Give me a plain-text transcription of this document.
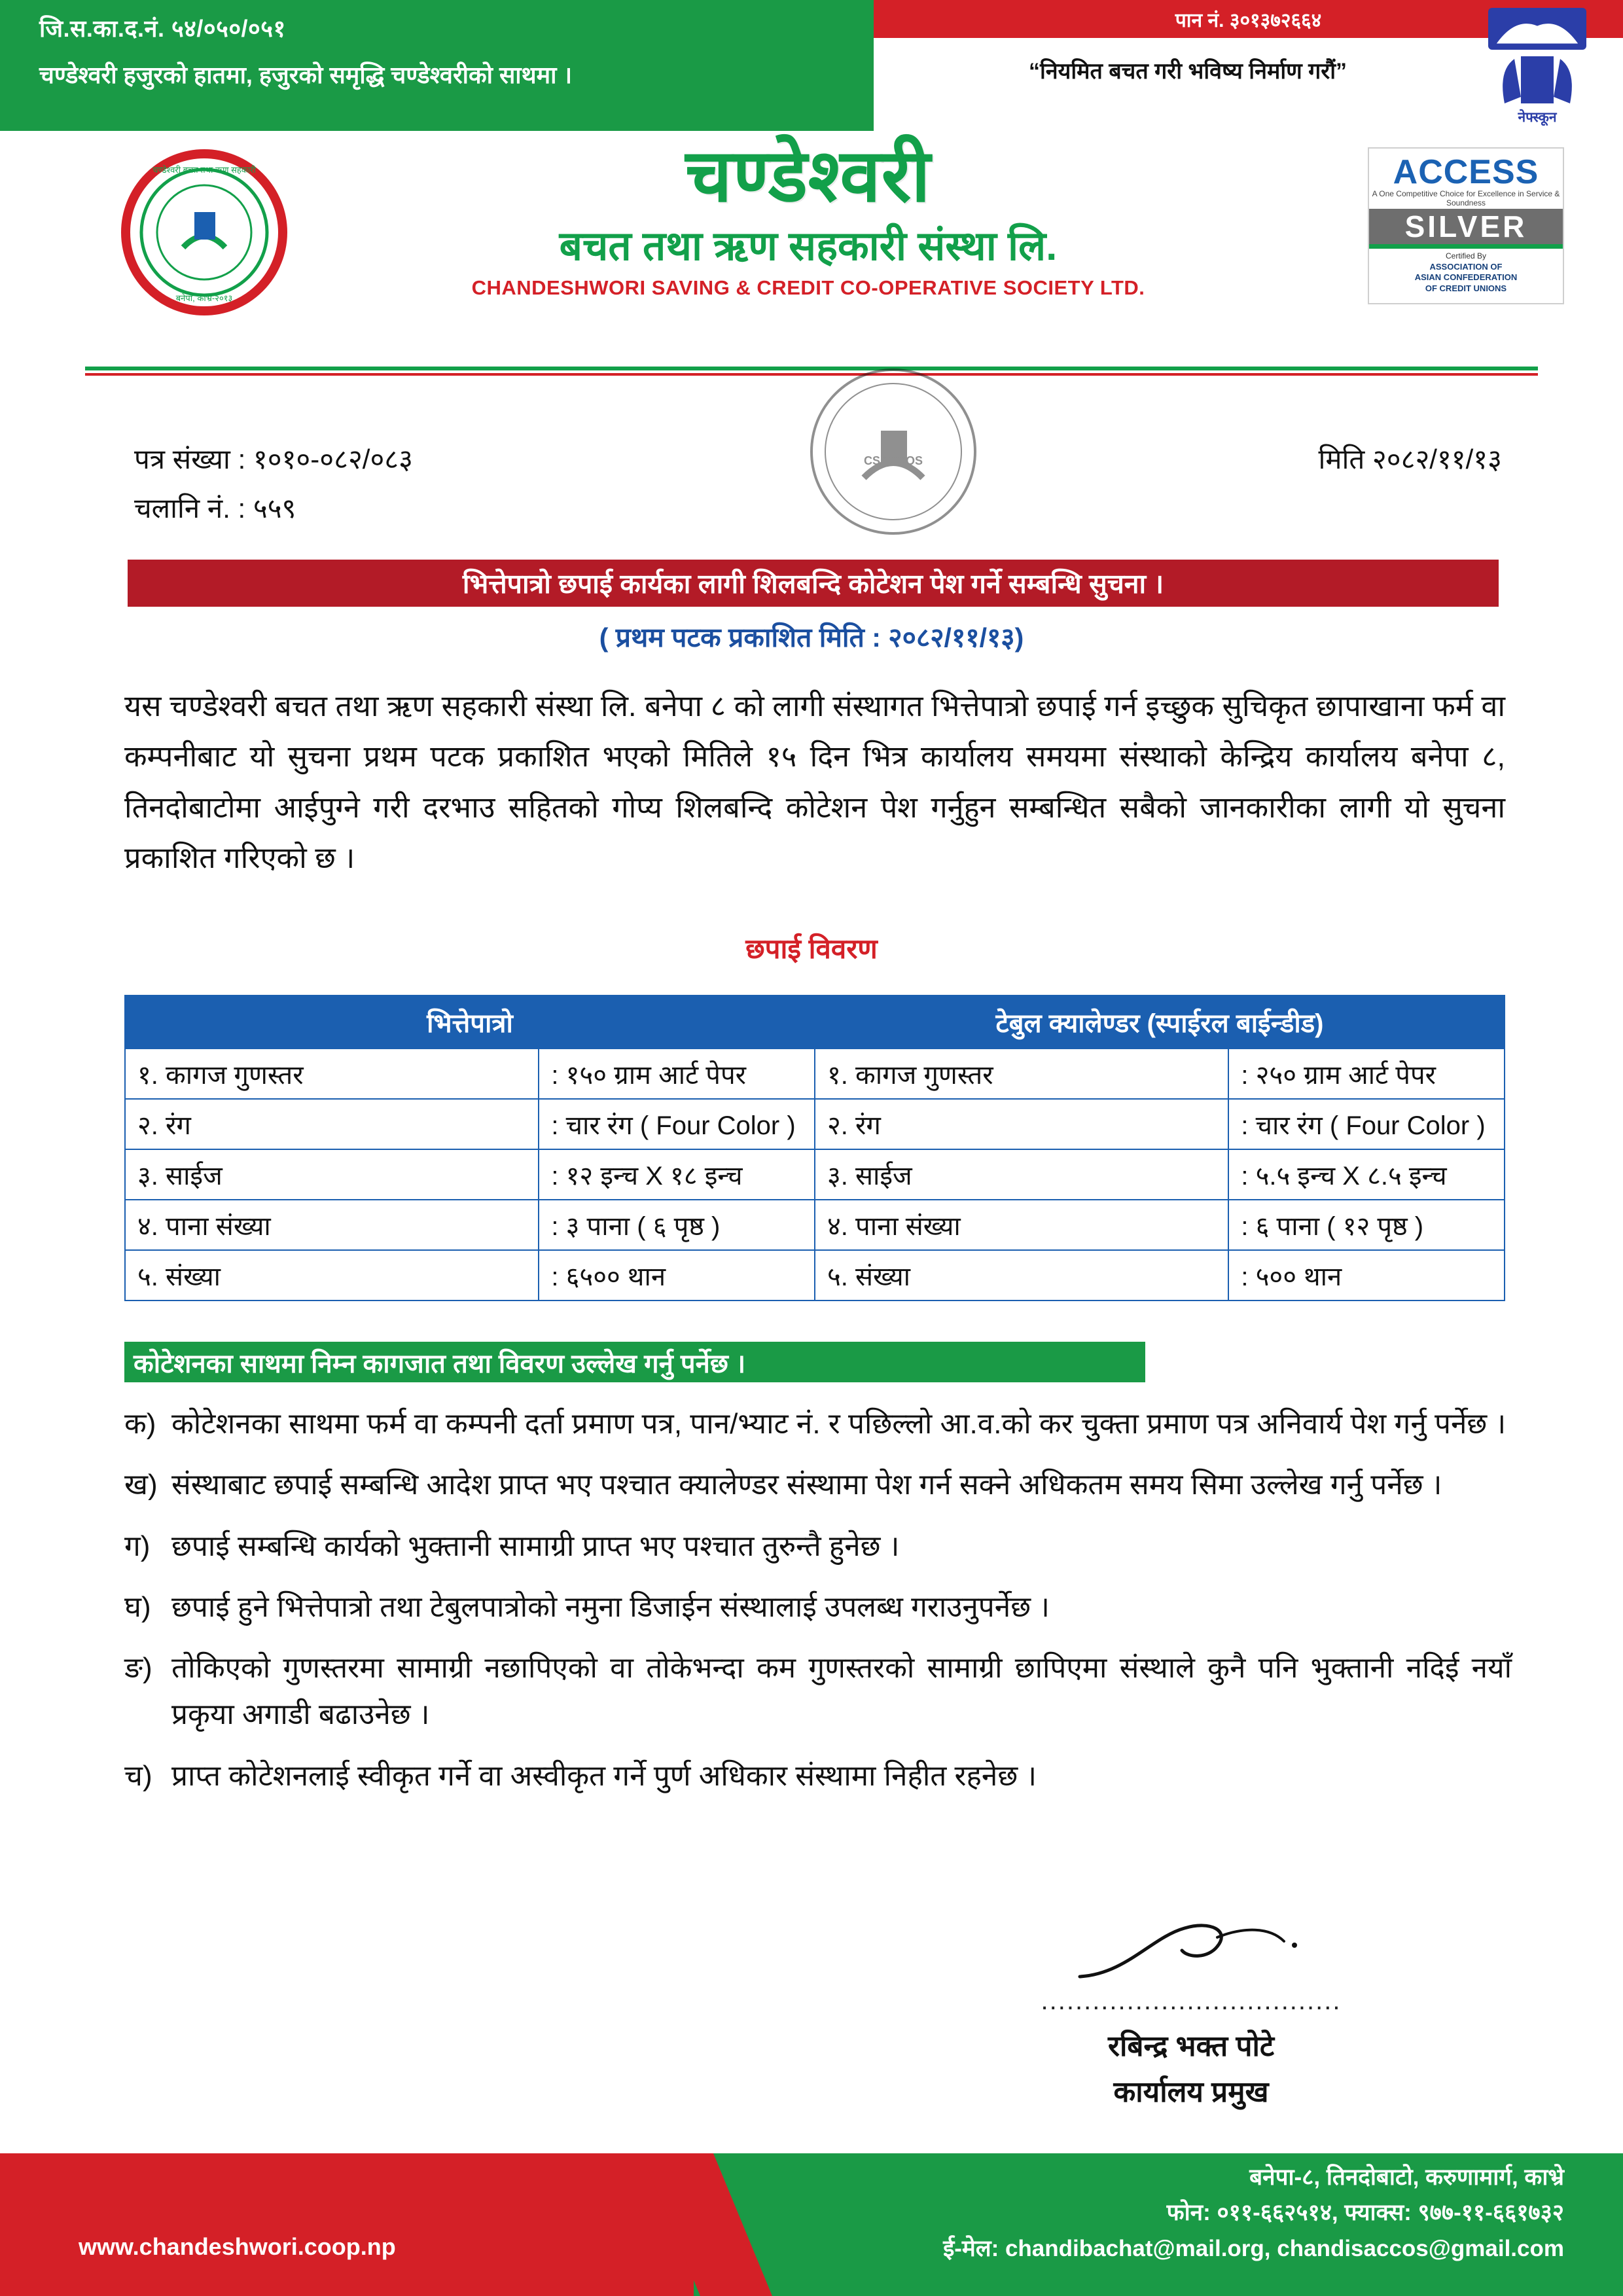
जि.स.का.द.नं. ५४/०५०/०५१
चण्डेश्वरी हजुरको हातमा, हजुरको समृद्धि चण्डेश्वरीको साथमा ।
पान नं. ३०१३७२६६४
“नियमित बचत गरी भविष्य निर्माण गरौं”
नेफ्स्कून
चण्डेश्वरी बचत तथा ऋण सहकारी
बनेपा, काभ्रे-२०१३
चण्डेश्वरी
बचत तथा ऋण सहकारी संस्था लि.
CHANDESHWORI SAVING & CREDIT CO-OPERATIVE SOCIETY LTD.
ACCESS
A One Competitive Choice for Excellence in Service & Soundness
SILVER
Certified By
ASSOCIATION OF
ASIAN CONFEDERATION
OF CREDIT UNIONS
पत्र संख्या : १०१०-०८२/०८३
चलानि नं. : ५५९
मिति २०८२/११/१३
CSACCOS
भित्तेपात्रो छपाई कार्यका लागी शिलबन्दि कोटेशन पेश गर्ने सम्बन्धि सुचना ।
( प्रथम पटक प्रकाशित मिति : २०८२/११/१३)
यस चण्डेश्वरी बचत तथा ऋण सहकारी संस्था लि. बनेपा ८ को लागी संस्थागत भित्तेपात्रो छपाई गर्न इच्छुक सुचिकृत छापाखाना फर्म वा कम्पनीबाट यो सुचना प्रथम पटक प्रकाशित भएको मितिले १५ दिन भित्र कार्यालय समयमा संस्थाको केन्द्रिय कार्यालय बनेपा ८, तिनदोबाटोमा आईपुग्ने गरी दरभाउ सहितको गोप्य शिलबन्दि कोटेशन पेश गर्नुहुन सम्बन्धित सबैको जानकारीका लागी यो सुचना प्रकाशित गरिएको छ ।
छपाई विवरण
भित्तेपात्रो		टेबुल क्यालेण्डर (स्पाईरल बाईन्डीड)	
१. कागज गुणस्तर	: १५० ग्राम आर्ट पेपर	१. कागज गुणस्तर	: २५० ग्राम आर्ट पेपर
२. रंग	: चार रंग ( Four Color )	२. रंग	: चार रंग ( Four Color )
३. साईज	: १२ इन्च X १८ इन्च	३. साईज	: ५.५ इन्च X ८.५ इन्च
४. पाना संख्या	: ३ पाना ( ६ पृष्ठ )	४. पाना संख्या	: ६ पाना ( १२ पृष्ठ )
५. संख्या	: ६५०० थान	५. संख्या	: ५०० थान
कोटेशनका साथमा निम्न कागजात तथा विवरण उल्लेख गर्नु पर्नेछ ।
क) कोटेशनका साथमा फर्म वा कम्पनी दर्ता प्रमाण पत्र, पान/भ्याट नं. र पछिल्लो आ.व.को कर चुक्ता प्रमाण पत्र अनिवार्य पेश गर्नु पर्नेछ ।
ख) संस्थाबाट छपाई सम्बन्धि आदेश प्राप्त भए पश्चात क्यालेण्डर संस्थामा पेश गर्न सक्ने अधिकतम समय सिमा उल्लेख गर्नु पर्नेछ ।
ग) छपाई सम्बन्धि कार्यको भुक्तानी सामाग्री प्राप्त भए पश्चात तुरुन्तै हुनेछ ।
घ) छपाई हुने भित्तेपात्रो तथा टेबुलपात्रोको नमुना डिजाईन संस्थालाई उपलब्ध गराउनुपर्नेछ ।
ङ) तोकिएको गुणस्तरमा सामाग्री नछापिएको वा तोकेभन्दा कम गुणस्तरको सामाग्री छापिएमा संस्थाले कुनै पनि भुक्तानी नदिई नयाँ प्रकृया अगाडी बढाउनेछ ।
च) प्राप्त कोटेशनलाई स्वीकृत गर्ने वा अस्वीकृत गर्ने पुर्ण अधिकार संस्थामा निहीत रहनेछ ।
...................................
रबिन्द्र भक्त पोटे
कार्यालय प्रमुख
www.chandeshwori.coop.np
बनेपा-८, तिनदोबाटो, करुणामार्ग, काभ्रे
फोन: ०११-६६२५१४, फ्याक्स: ९७७-११-६६१७३२
ई-मेल: chandibachat@mail.org, chandisaccos@gmail.com
